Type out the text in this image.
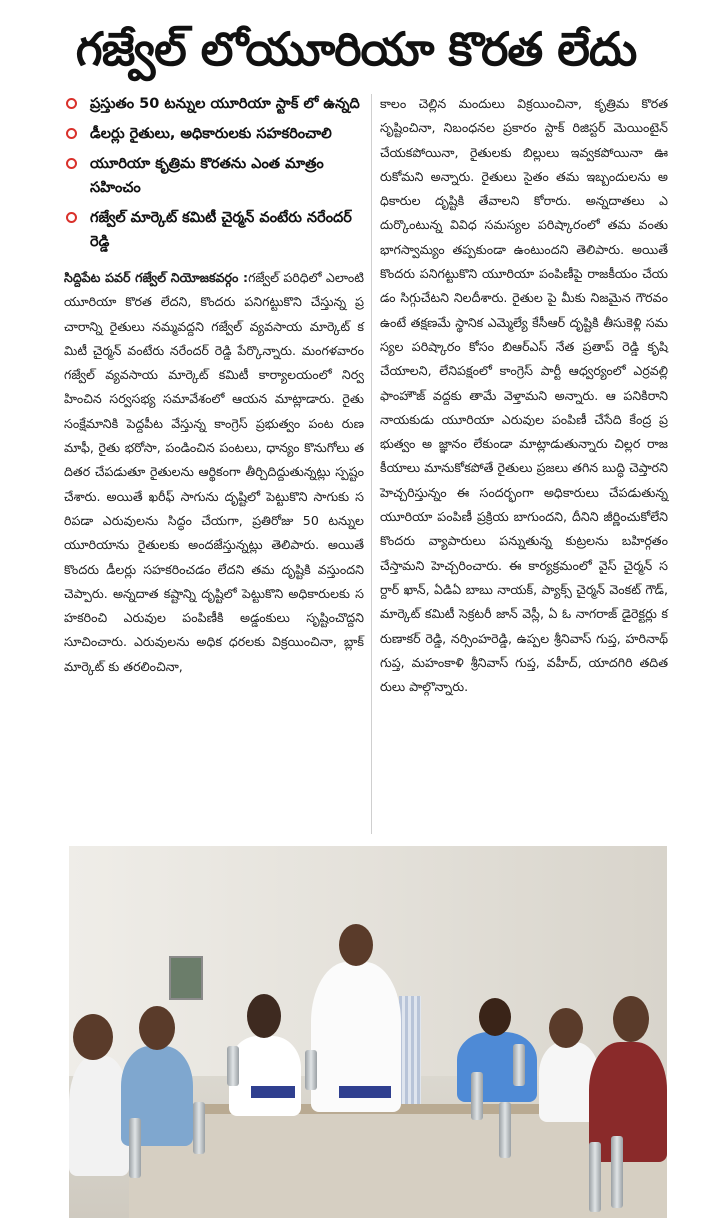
గజ్వేల్ లోయూరియా కొరత లేదు
ప్రస్తుతం 50 టన్నుల యూరియా స్టాక్ లో ఉన్నది
డీలర్లు రైతులు, అధికారులకు సహకరించాలి
యూరియా కృత్రిమ కొరతను ఎంత మాత్రం సహించం
గజ్వేల్ మార్కెట్ కమిటీ చైర్మన్ వంటేరు నరేందర్ రెడ్డి

సిద్దిపేట పవర్ గజ్వేల్ నియోజకవర్గం :గజ్వేల్ పరిధిలో ఎలాంటి యూరియా కొరత లేదని, కొందరు పనిగట్టుకొని చేస్తున్న ప్రచారాన్ని రైతులు నమ్మవద్దని గజ్వేల్ వ్యవసాయ మార్కెట్ కమిటీ చైర్మన్ వంటేరు నరేందర్ రెడ్డి పేర్కొన్నారు. మంగళవారం గజ్వేల్ వ్యవసాయ మార్కెట్ కమిటీ కార్యాలయంలో నిర్వహించిన సర్వసభ్య సమావేశంలో ఆయన మాట్లాడారు. రైతు సంక్షేమానికి పెద్దపీట వేస్తున్న కాంగ్రెస్ ప్రభుత్వం పంట రుణమాఫీ, రైతు భరోసా, పండించిన పంటలు, ధాన్యం కొనుగోలు తదితర చేపడుతూ రైతులను ఆర్థికంగా తీర్చిదిద్దుతున్నట్లు స్పష్టం చేశారు. అయితే ఖరీఫ్ సాగును దృష్టిలో పెట్టుకొని సాగుకు సరిపడా ఎరువులను సిద్ధం చేయగా, ప్రతిరోజు 50 టన్నుల యూరియాను రైతులకు అందజేస్తున్నట్లు తెలిపారు. అయితే కొందరు డీలర్లు సహకరించడం లేదని తమ దృష్టికి వస్తుందని చెప్పారు. అన్నదాత కష్టాన్ని దృష్టిలో పెట్టుకొని అధికారులకు సహకరించి ఎరువుల పంపిణీకి అడ్డంకులు సృష్టించొద్దని సూచించారు. ఎరువులను అధిక ధరలకు విక్రయించినా, బ్లాక్ మార్కెట్ కు తరలించినా,

కాలం చెల్లిన మందులు విక్రయించినా, కృత్రిమ కొరత సృష్టించినా, నిబంధనల ప్రకారం స్టాక్ రిజిస్టర్ మెయింటైన్ చేయకపోయినా, రైతులకు బిల్లులు ఇవ్వకపోయినా ఊరుకోమని అన్నారు. రైతులు సైతం తమ ఇబ్బందులను అధికారుల దృష్టికి తేవాలని కోరారు. అన్నదాతలు ఎదుర్కొంటున్న వివిధ సమస్యల పరిష్కారంలో తమ వంతు భాగస్వామ్యం తప్పకుండా ఉంటుందని తెలిపారు. అయితే కొందరు పనిగట్టుకొని యూరియా పంపిణీపై రాజకీయం చేయడం సిగ్గుచేటని నిలదీశారు. రైతుల పై మీకు నిజమైన గౌరవం ఉంటే తక్షణమే స్థానిక ఎమ్మెల్యే కేసీఆర్ దృష్టికి తీసుకెళ్లి సమస్యల పరిష్కారం కోసం బిఆర్ఎస్ నేత ప్రతాప్ రెడ్డి కృషి చేయాలని, లేనిపక్షంలో కాంగ్రెస్ పార్టీ ఆధ్వర్యంలో ఎర్రవల్లి ఫాంహౌజ్ వద్దకు తామే వెళ్తామని అన్నారు. ఆ పనికిరాని నాయకుడు యూరియా ఎరువుల పంపిణీ చేసేది కేంద్ర ప్రభుత్వం అ జ్ఞానం లేకుండా మాట్లాడుతున్నారు చిల్లర రాజకీయాలు మానుకోకపోతే రైతులు ప్రజలు తగిన బుద్ధి చెప్తారని హెచ్చరిస్తున్నం ఈ సందర్భంగా అధికారులు చేపడుతున్న యూరియా పంపిణీ ప్రక్రియ బాగుందని, దీనిని జీర్ణించుకోలేని కొందరు వ్యాపారులు పన్నుతున్న కుట్రలను బహిర్గతం చేస్తామని హెచ్చరించారు. ఈ కార్యక్రమంలో వైస్ చైర్మన్ సర్దార్ ఖాన్, ఏడిఏ బాబు నాయక్, ప్యాక్స్ చైర్మన్ వెంకట్ గౌడ్, మార్కెట్ కమిటీ సెక్రటరీ జాన్ వెస్లీ, ఏ ఓ నాగరాజ్ డైరెక్టర్లు కరుణాకర్ రెడ్డి, నర్సింహరెడ్డి, ఉప్పల శ్రీనివాస్ గుప్త, హరినాథ్ గుప్త, మహంకాళి శ్రీనివాస్ గుప్త, వహీద్, యాదగిరి తదితరులు పాల్గొన్నారు.
